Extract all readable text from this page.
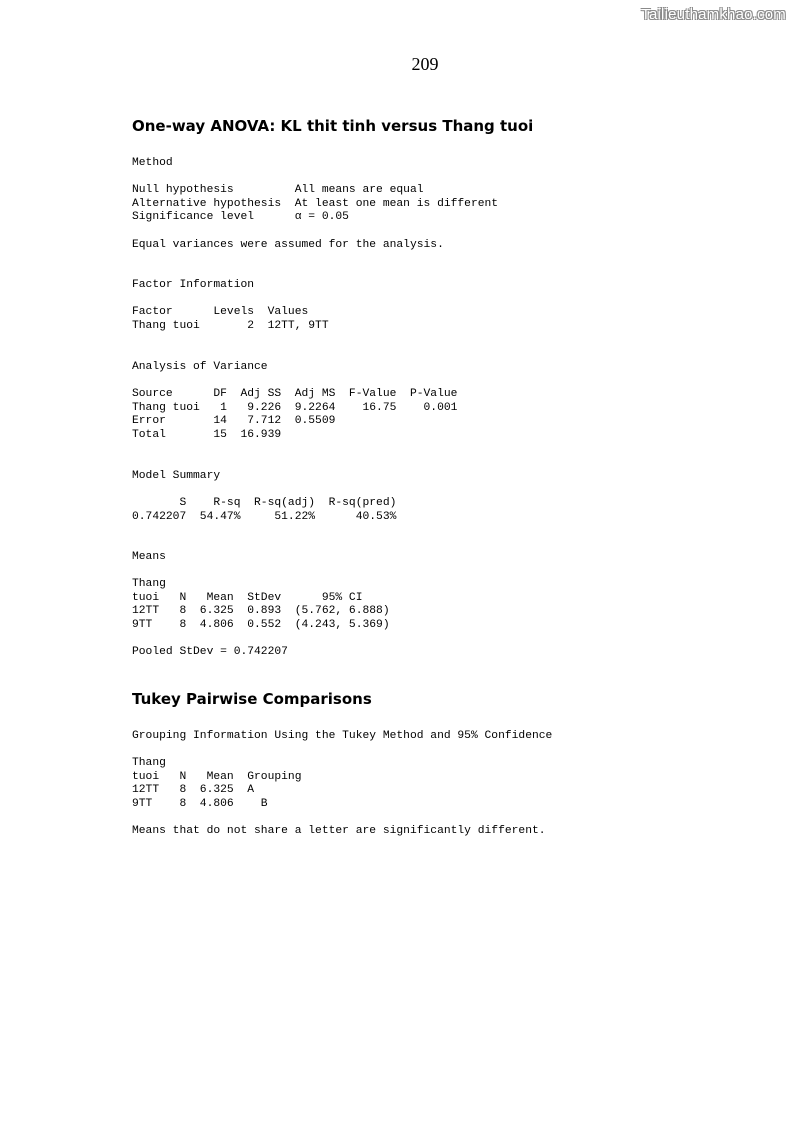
Tailieuthamkhao.com
209
One-way ANOVA: KL thit tinh versus Thang tuoi
Method

Null hypothesis         All means are equal
Alternative hypothesis  At least one mean is different
Significance level      α = 0.05

Equal variances were assumed for the analysis.
Factor Information

Factor      Levels  Values
Thang tuoi       2  12TT, 9TT
Analysis of Variance

Source      DF  Adj SS  Adj MS  F-Value  P-Value
Thang tuoi   1   9.226  9.2264    16.75    0.001
Error       14   7.712  0.5509
Total       15  16.939
Model Summary

S    R-sq  R-sq(adj)  R-sq(pred)
0.742207  54.47%     51.22%      40.53%
Means

Thang
tuoi   N   Mean  StDev      95% CI
12TT   8  6.325  0.893  (5.762, 6.888)
9TT    8  4.806  0.552  (4.243, 5.369)

Pooled StDev = 0.742207
Tukey Pairwise Comparisons
Grouping Information Using the Tukey Method and 95% Confidence

Thang
tuoi   N   Mean  Grouping
12TT   8  6.325  A
9TT    8  4.806    B

Means that do not share a letter are significantly different.
